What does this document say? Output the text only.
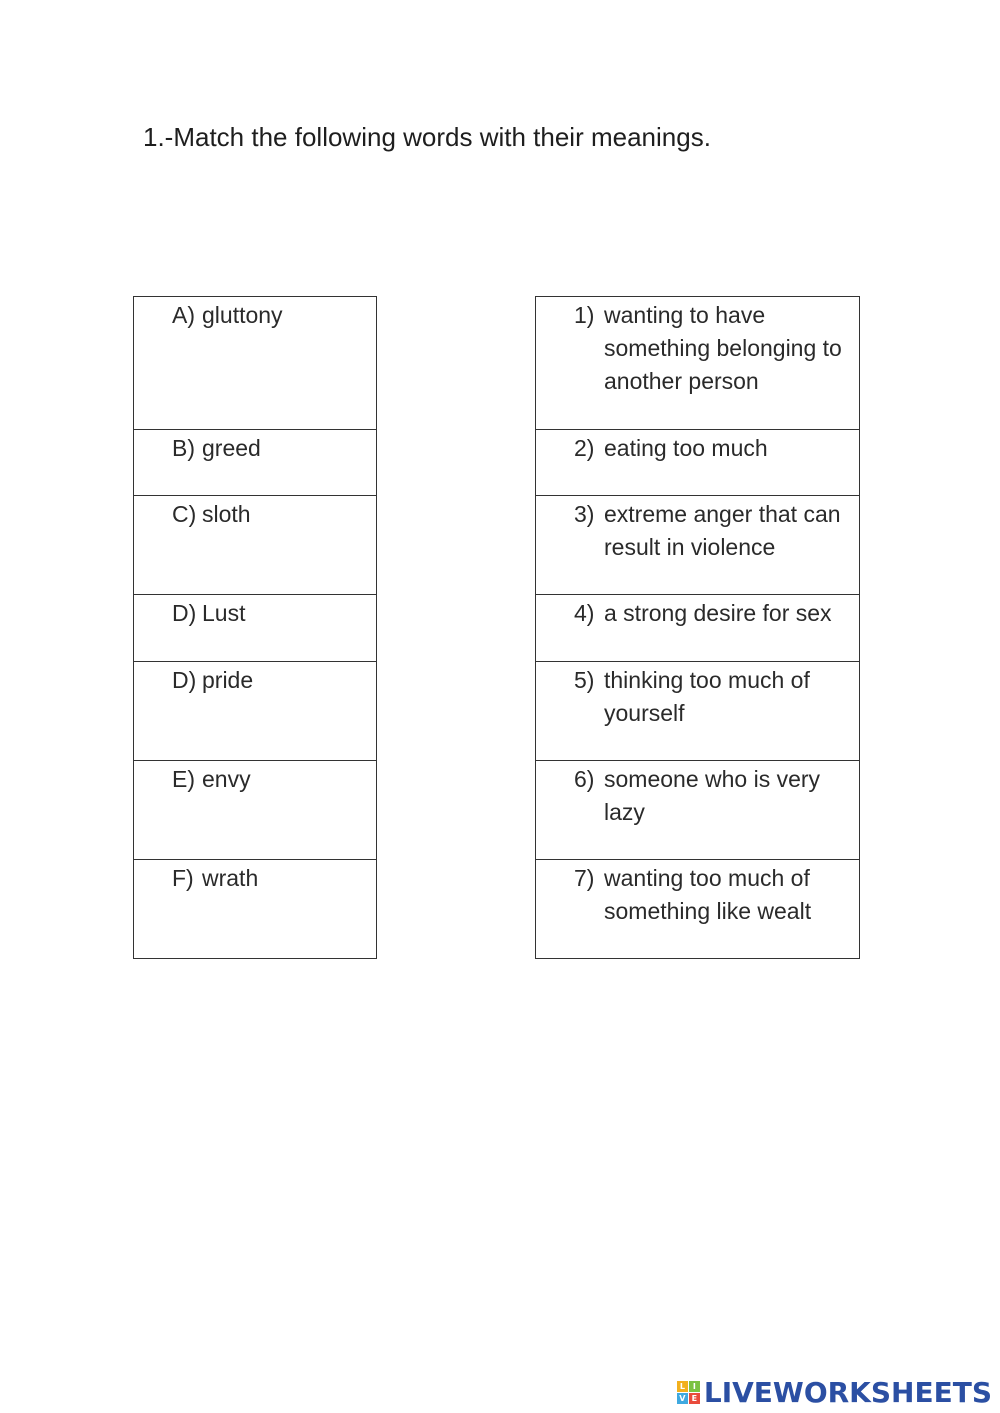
1.-Match the following words with their meanings.
A) gluttony

B) greed

C) sloth

D) Lust

D) pride

E) envy

F) wrath
1) wanting to have something belonging to another person

2) eating too much

3) extreme anger that can result in violence

4) a strong desire for sex

5) thinking too much of yourself

6) someone who is very lazy

7) wanting too much of something like wealt
L I
V E LIVEWORKSHEETS
